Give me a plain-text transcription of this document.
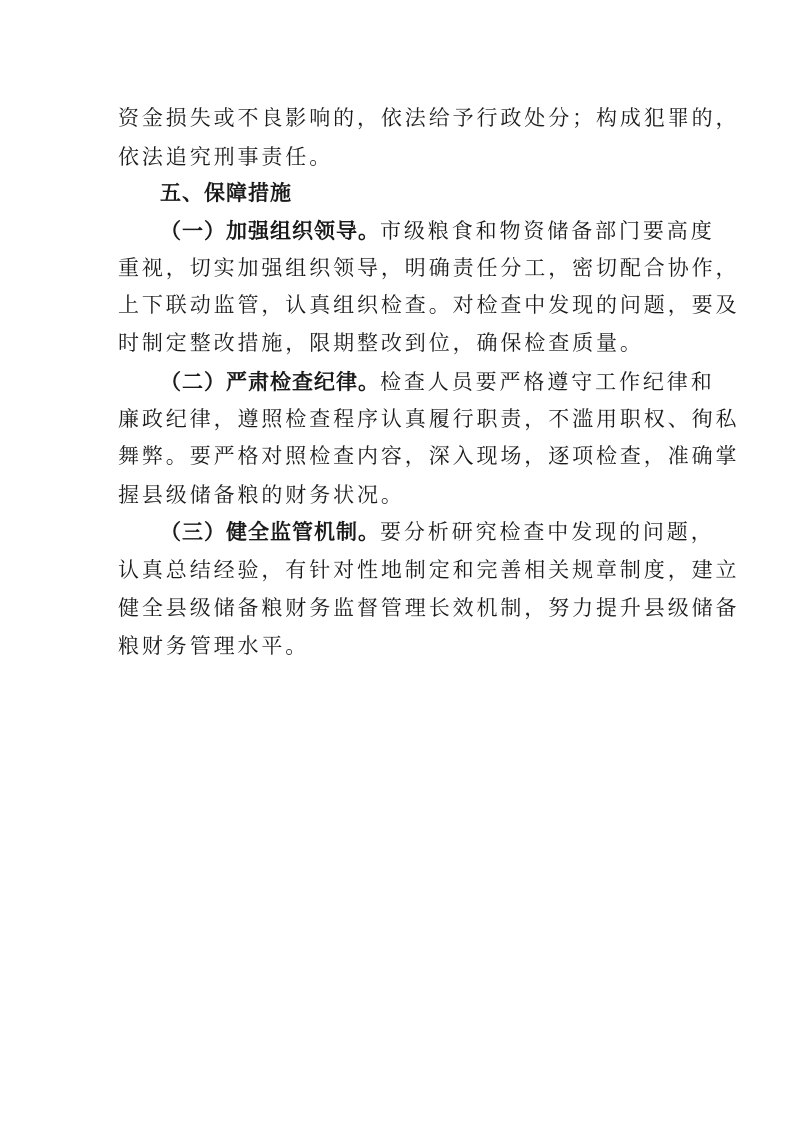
资金损失或不良影响的，依法给予行政处分；构成犯罪的，
依法追究刑事责任。
五、保障措施
（一）加强组织领导。市级粮食和物资储备部门要高度
重视，切实加强组织领导，明确责任分工，密切配合协作，
上下联动监管，认真组织检查。对检查中发现的问题，要及
时制定整改措施，限期整改到位，确保检查质量。
（二）严肃检查纪律。检查人员要严格遵守工作纪律和
廉政纪律，遵照检查程序认真履行职责，不滥用职权、徇私
舞弊。要严格对照检查内容，深入现场，逐项检查，准确掌
握县级储备粮的财务状况。
（三）健全监管机制。要分析研究检查中发现的问题，
认真总结经验，有针对性地制定和完善相关规章制度，建立
健全县级储备粮财务监督管理长效机制，努力提升县级储备
粮财务管理水平。
